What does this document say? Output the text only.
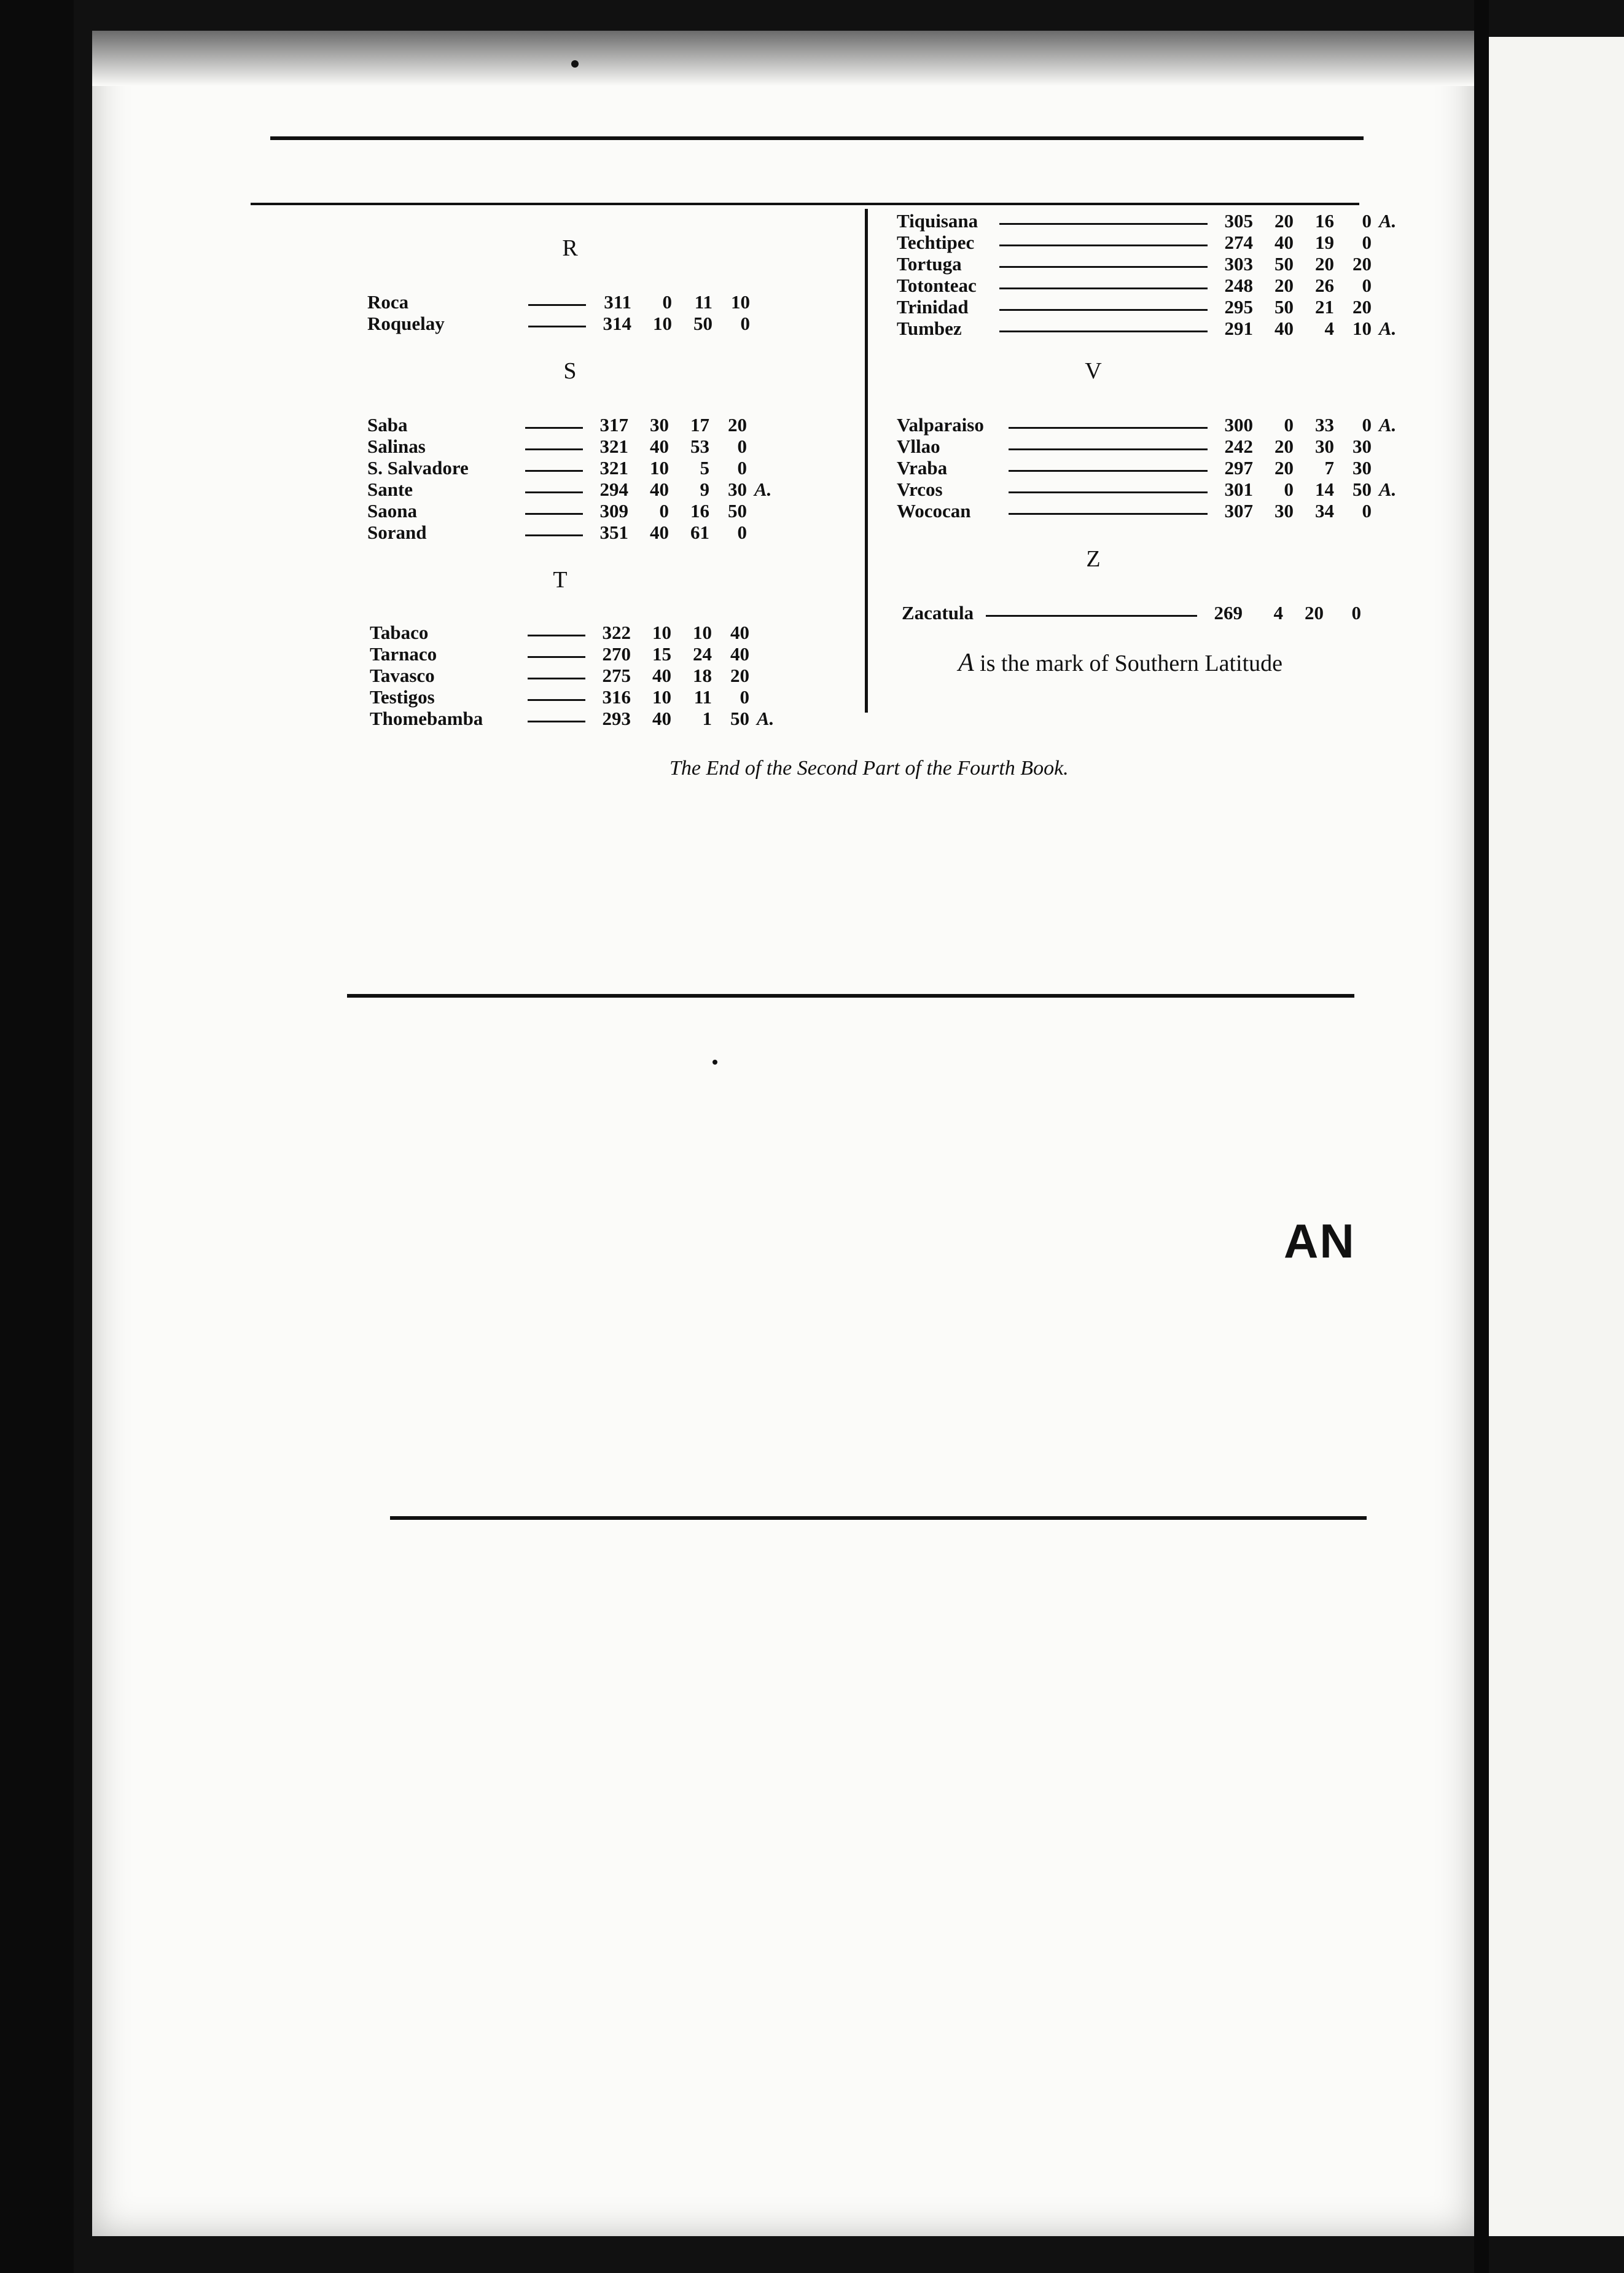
AN
R
Roca		311	0	11	10	
Roquelay		314	10	50	0	
S
Saba		317	30	17	20	
Salinas		321	40	53	0	
S. Salvadore		321	10	5	0	
Sante		294	40	9	30	A.
Saona		309	0	16	50	
Sorand		351	40	61	0	
T
Tabaco		322	10	10	40	
Tarnaco		270	15	24	40	
Tavasco		275	40	18	20	
Testigos		316	10	11	0	
Thomebamba		293	40	1	50	A.
Tiquisana		305	20	16	0	A.
Techtipec		274	40	19	0	
Tortuga		303	50	20	20	
Totonteac		248	20	26	0	
Trinidad		295	50	21	20	
Tumbez		291	40	4	10	A.
V
Valparaiso		300	0	33	0	A.
Vllao		242	20	30	30	
Vraba		297	20	7	30	
Vrcos		301	0	14	50	A.
Wococan		307	30	34	0	
Z
Zacatula		269	4	20	0	
A is the mark of Southern Latitude
The End of the Second Part of the Fourth Book.
